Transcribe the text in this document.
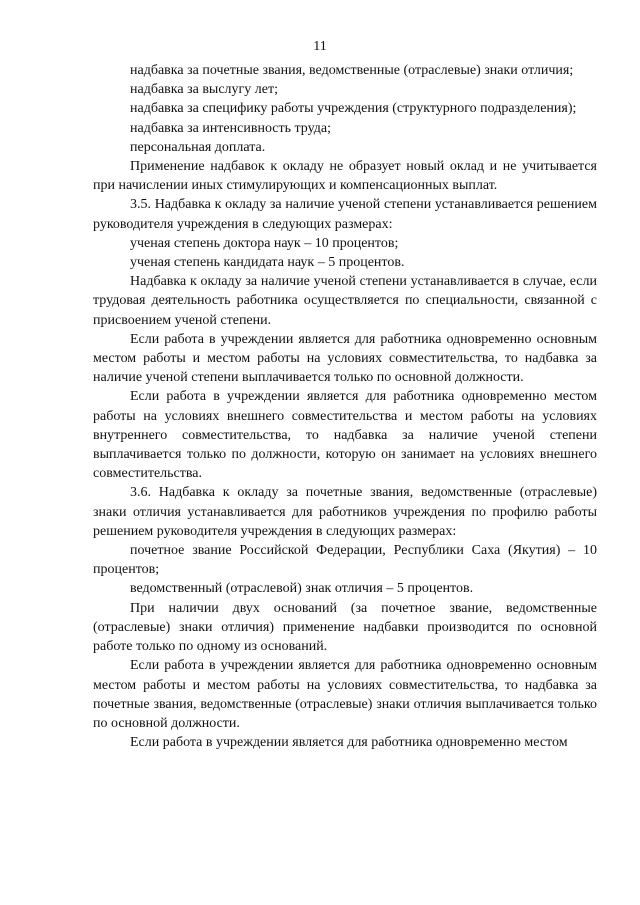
11

надбавка за почетные звания, ведомственные (отраслевые) знаки отличия;

надбавка за выслугу лет;

надбавка за специфику работы учреждения (структурного подразделения);

надбавка за интенсивность труда;

персональная доплата.

Применение надбавок к окладу не образует новый оклад и не учитывается при начислении иных стимулирующих и компенсационных выплат.

3.5. Надбавка к окладу за наличие ученой степени устанавливается решением руководителя учреждения в следующих размерах:

ученая степень доктора наук – 10 процентов;

ученая степень кандидата наук – 5 процентов.

Надбавка к окладу за наличие ученой степени устанавливается в случае, если трудовая деятельность работника осуществляется по специальности, связанной с присвоением ученой степени.

Если работа в учреждении является для работника одновременно основным местом работы и местом работы на условиях совместительства, то надбавка за наличие ученой степени выплачивается только по основной должности.

Если работа в учреждении является для работника одновременно местом работы на условиях внешнего совместительства и местом работы на условиях внутреннего совместительства, то надбавка за наличие ученой степени выплачивается только по должности, которую он занимает на условиях внешнего совместительства.

3.6. Надбавка к окладу за почетные звания, ведомственные (отраслевые) знаки отличия устанавливается для работников учреждения по профилю работы решением руководителя учреждения в следующих размерах:

почетное звание Российской Федерации, Республики Саха (Якутия) – 10 процентов;

ведомственный (отраслевой) знак отличия – 5 процентов.

При наличии двух оснований (за почетное звание, ведомственные (отраслевые) знаки отличия) применение надбавки производится по основной работе только по одному из оснований.

Если работа в учреждении является для работника одновременно основным местом работы и местом работы на условиях совместительства, то надбавка за почетные звания, ведомственные (отраслевые) знаки отличия выплачивается только по основной должности.

Если работа в учреждении является для работника одновременно местом
